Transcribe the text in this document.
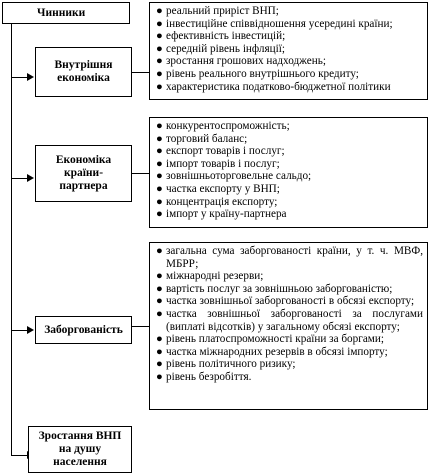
Чинники
Внутрішня економіка
● реальний приріст ВНП;
● інвестиційне співвідношення усередині країни;
● ефективність інвестицій;
● середній рівень інфляції;
● зростання грошових надходжень;
● рівень реального внутрішнього кредиту;
● характеристика податково-бюджетної політики
Економіка країни-партнера
● конкурентоспроможність;
● торговий баланс;
● експорт товарів і послуг;
● імпорт товарів і послуг;
● зовнішньоторговельне сальдо;
● частка експорту у ВНП;
● концентрація експорту;
● імпорт у країну-партнера
Заборгованість
● загальна сума заборгованості країни, у т. ч. МВФ, МБРР;
● міжнародні резерви;
● вартість послуг за зовнішньою заборгованістю;
● частка зовнішньої заборгованості в обсязі експорту;
● частка зовнішньої заборгованості за послугами (виплаті відсотків) у загальному обсязі експорту;
● рівень платоспроможності країни за боргами;
● частка міжнародних резервів в обсязі імпорту;
● рівень політичного ризику;
● рівень безробіття.
Зростання ВНП на душу населення
